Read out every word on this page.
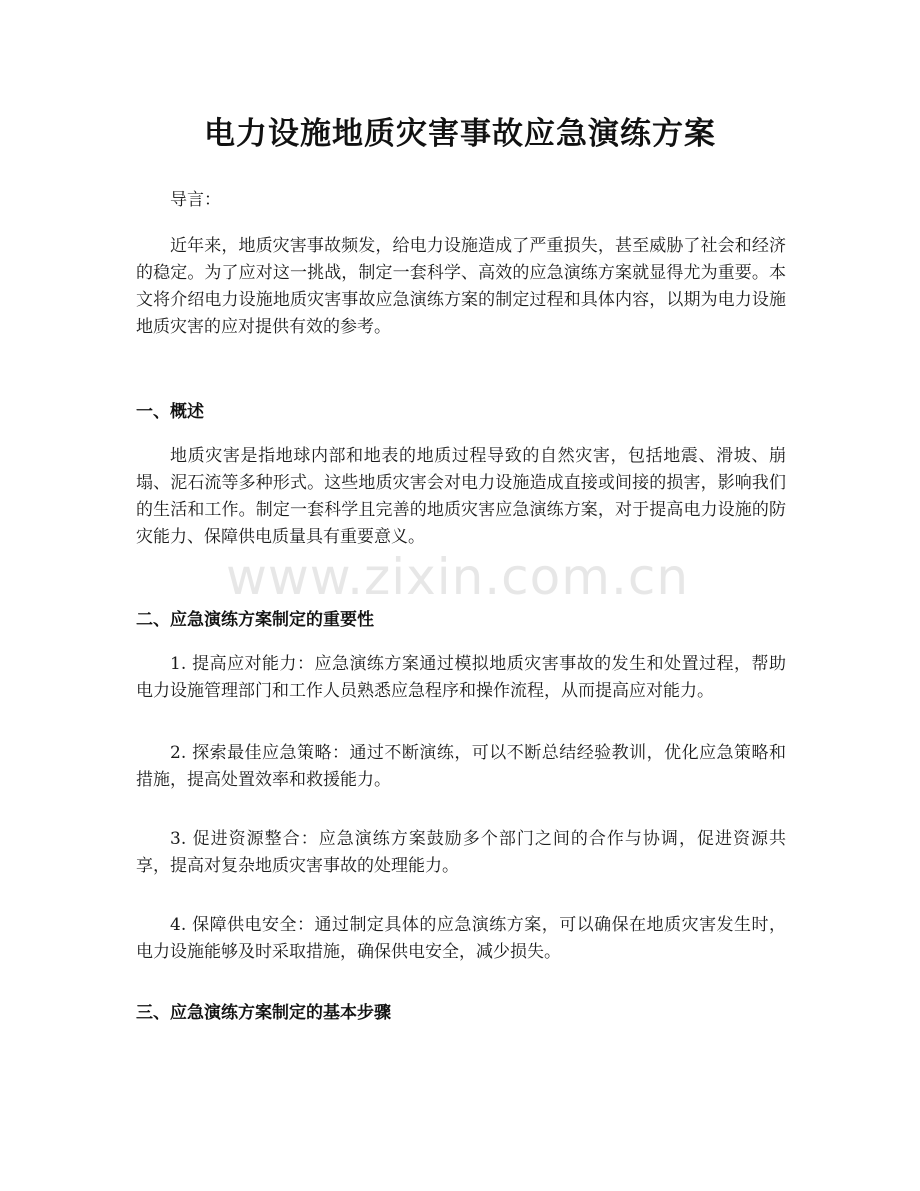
电力设施地质灾害事故应急演练方案

导言：

近年来，地质灾害事故频发，给电力设施造成了严重损失，甚至威胁了社会和经济的稳定。为了应对这一挑战，制定一套科学、高效的应急演练方案就显得尤为重要。本文将介绍电力设施地质灾害事故应急演练方案的制定过程和具体内容，以期为电力设施地质灾害的应对提供有效的参考。

一、概述

地质灾害是指地球内部和地表的地质过程导致的自然灾害，包括地震、滑坡、崩塌、泥石流等多种形式。这些地质灾害会对电力设施造成直接或间接的损害，影响我们的生活和工作。制定一套科学且完善的地质灾害应急演练方案，对于提高电力设施的防灾能力、保障供电质量具有重要意义。

二、应急演练方案制定的重要性

1. 提高应对能力：应急演练方案通过模拟地质灾害事故的发生和处置过程，帮助电力设施管理部门和工作人员熟悉应急程序和操作流程，从而提高应对能力。

2. 探索最佳应急策略：通过不断演练，可以不断总结经验教训，优化应急策略和措施，提高处置效率和救援能力。

3. 促进资源整合：应急演练方案鼓励多个部门之间的合作与协调，促进资源共享，提高对复杂地质灾害事故的处理能力。

4. 保障供电安全：通过制定具体的应急演练方案，可以确保在地质灾害发生时，电力设施能够及时采取措施，确保供电安全，减少损失。

三、应急演练方案制定的基本步骤
www.zixin.com.cn
